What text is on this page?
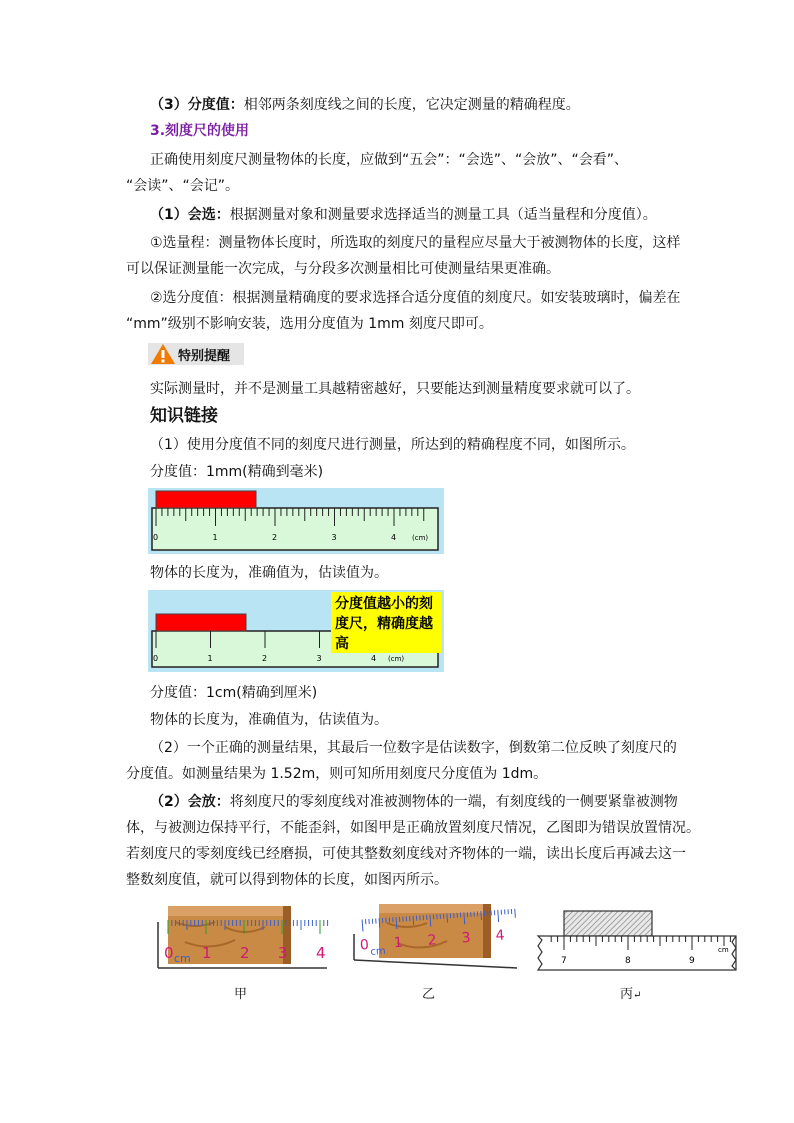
（3）分度值：相邻两条刻度线之间的长度，它决定测量的精确程度。
3.刻度尺的使用
正确使用刻度尺测量物体的长度，应做到“五会”：“会选”、“会放”、“会看”、
“会读”、“会记”。
（1）会选：根据测量对象和测量要求选择适当的测量工具（适当量程和分度值）。
①选量程：测量物体长度时，所选取的刻度尺的量程应尽量大于被测物体的长度，这样
可以保证测量能一次完成，与分段多次测量相比可使测量结果更准确。
②选分度值：根据测量精确度的要求选择合适分度值的刻度尺。如安装玻璃时，偏差在
“mm”级别不影响安装，选用分度值为 1mm 刻度尺即可。
特别提醒
实际测量时，并不是测量工具越精密越好，只要能达到测量精度要求就可以了。
知识链接
（1）使用分度值不同的刻度尺进行测量，所达到的精确程度不同，如图所示。
分度值：1mm(精确到毫米)
0	1	2	3	4 (cm)
物体的长度为，准确值为，估读值为。
0	1	2	3	4 (cm)
分度值越小的刻度尺，精确度越高
分度值：1cm(精确到厘米)
物体的长度为，准确值为，估读值为。
（2）一个正确的测量结果，其最后一位数字是估读数字，倒数第二位反映了刻度尺的
分度值。如测量结果为 1.52m，则可知所用刻度尺分度值为 1dm。
（2）会放：将刻度尺的零刻度线对准被测物体的一端，有刻度线的一侧要紧靠被测物
体，与被测边保持平行，不能歪斜，如图甲是正确放置刻度尺情况，乙图即为错误放置情况。
若刻度尺的零刻度线已经磨损，可使其整数刻度线对齐物体的一端，读出长度后再减去这一
整数刻度值，就可以得到物体的长度，如图丙所示。
0 1 2 3 4
cm
甲
0 1 2 3 4
cm
乙
7	8	9
cm
丙↵
